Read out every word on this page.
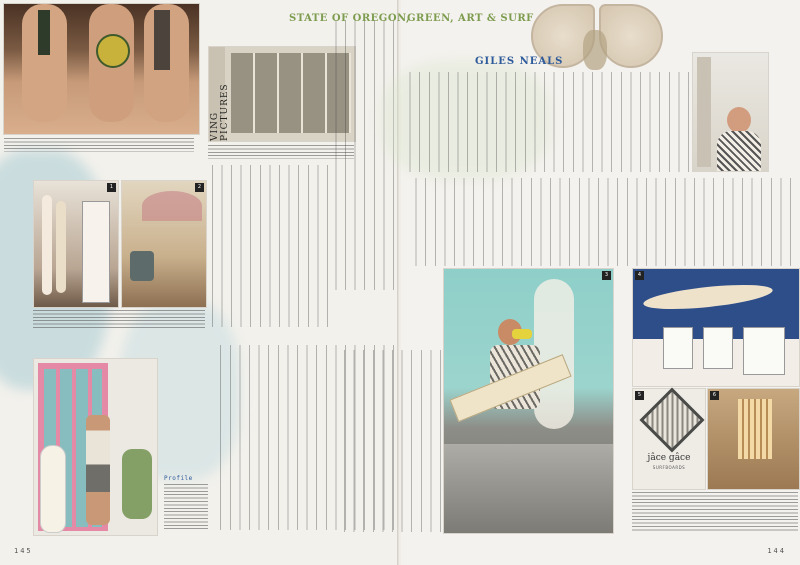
VING PICTURES
1	2
Profile
145
STATE OF OREGON,
GREEN, ART & SURF
GILES NEALS
3	4
jâce gâce
SURFBOARDS
5	6
144
